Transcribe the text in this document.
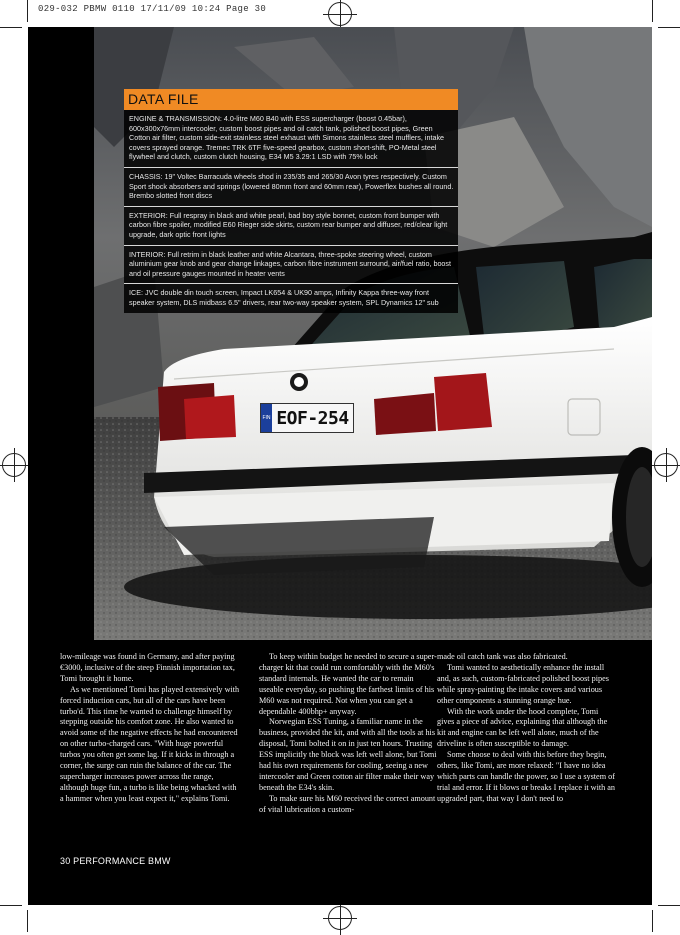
029-032 PBMW 0110 17/11/09 10:24 Page 30
FIN EOF-254
DATA FILE
ENGINE & TRANSMISSION: 4.0-litre M60 B40 with ESS supercharger (boost 0.45bar), 600x300x76mm intercooler, custom boost pipes and oil catch tank, polished boost pipes, Green Cotton air filter, custom side-exit stainless steel exhaust with Simons stainless steel mufflers, intake covers sprayed orange. Tremec TRK 6TF five-speed gearbox, custom short-shift, PO-Metal steel flywheel and clutch, custom clutch housing, E34 M5 3.29:1 LSD with 75% lock
CHASSIS: 19" Voltec Barracuda wheels shod in 235/35 and 265/30 Avon tyres respectively. Custom Sport shock absorbers and springs (lowered 80mm front and 60mm rear), Powerflex bushes all round. Brembo slotted front discs
EXTERIOR: Full respray in black and white pearl, bad boy style bonnet, custom front bumper with carbon fibre spoiler, modified E60 Rieger side skirts, custom rear bumper and diffuser, red/clear light upgrade, dark optic front lights
INTERIOR: Full retrim in black leather and white Alcantara, three-spoke steering wheel, custom aluminium gear knob and gear change linkages, carbon fibre instrument surround, air/fuel ratio, boost and oil pressure gauges mounted in heater vents
ICE: JVC double din touch screen, Impact LK654 & UK90 amps, Infinity Kappa three-way front speaker system, DLS midbass 6.5" drivers, rear two-way speaker system, SPL Dynamics 12" sub

low-mileage was found in Germany, and after paying €3000, inclusive of the steep Finnish importation tax, Tomi brought it home.

As we mentioned Tomi has played extensively with forced induction cars, but all of the cars have been turbo'd. This time he wanted to challenge himself by stepping outside his comfort zone. He also wanted to avoid some of the negative effects he had encountered on other turbo-charged cars. "With huge powerful turbos you often get some lag. If it kicks in through a corner, the surge can ruin the balance of the car. The supercharger increases power across the range, although huge fun, a turbo is like being whacked with a hammer when you least expect it," explains Tomi.

To keep within budget he needed to secure a super-charger kit that could run comfortably with the M60's standard internals. He wanted the car to remain useable everyday, so pushing the farthest limits of his M60 was not required. Not when you can get a dependable 400bhp+ anyway.

Norwegian ESS Tuning, a familiar name in the business, provided the kit, and with all the tools at his disposal, Tomi bolted it on in just ten hours. Trusting ESS implicitly the block was left well alone, but Tomi had his own requirements for cooling, seeing a new intercooler and Green cotton air filter make their way beneath the E34's skin.

To make sure his M60 received the correct amount of vital lubrication a custom-

made oil catch tank was also fabricated.

Tomi wanted to aesthetically enhance the install and, as such, custom-fabricated polished boost pipes while spray-painting the intake covers and various other components a stunning orange hue.

With the work under the hood complete, Tomi gives a piece of advice, explaining that although the kit and engine can be left well alone, much of the driveline is often susceptible to damage.

Some choose to deal with this before they begin, others, like Tomi, are more relaxed: "I have no idea which parts can handle the power, so I use a system of trial and error. If it blows or breaks I replace it with an upgraded part, that way I don't need to

30 PERFORMANCE BMW
